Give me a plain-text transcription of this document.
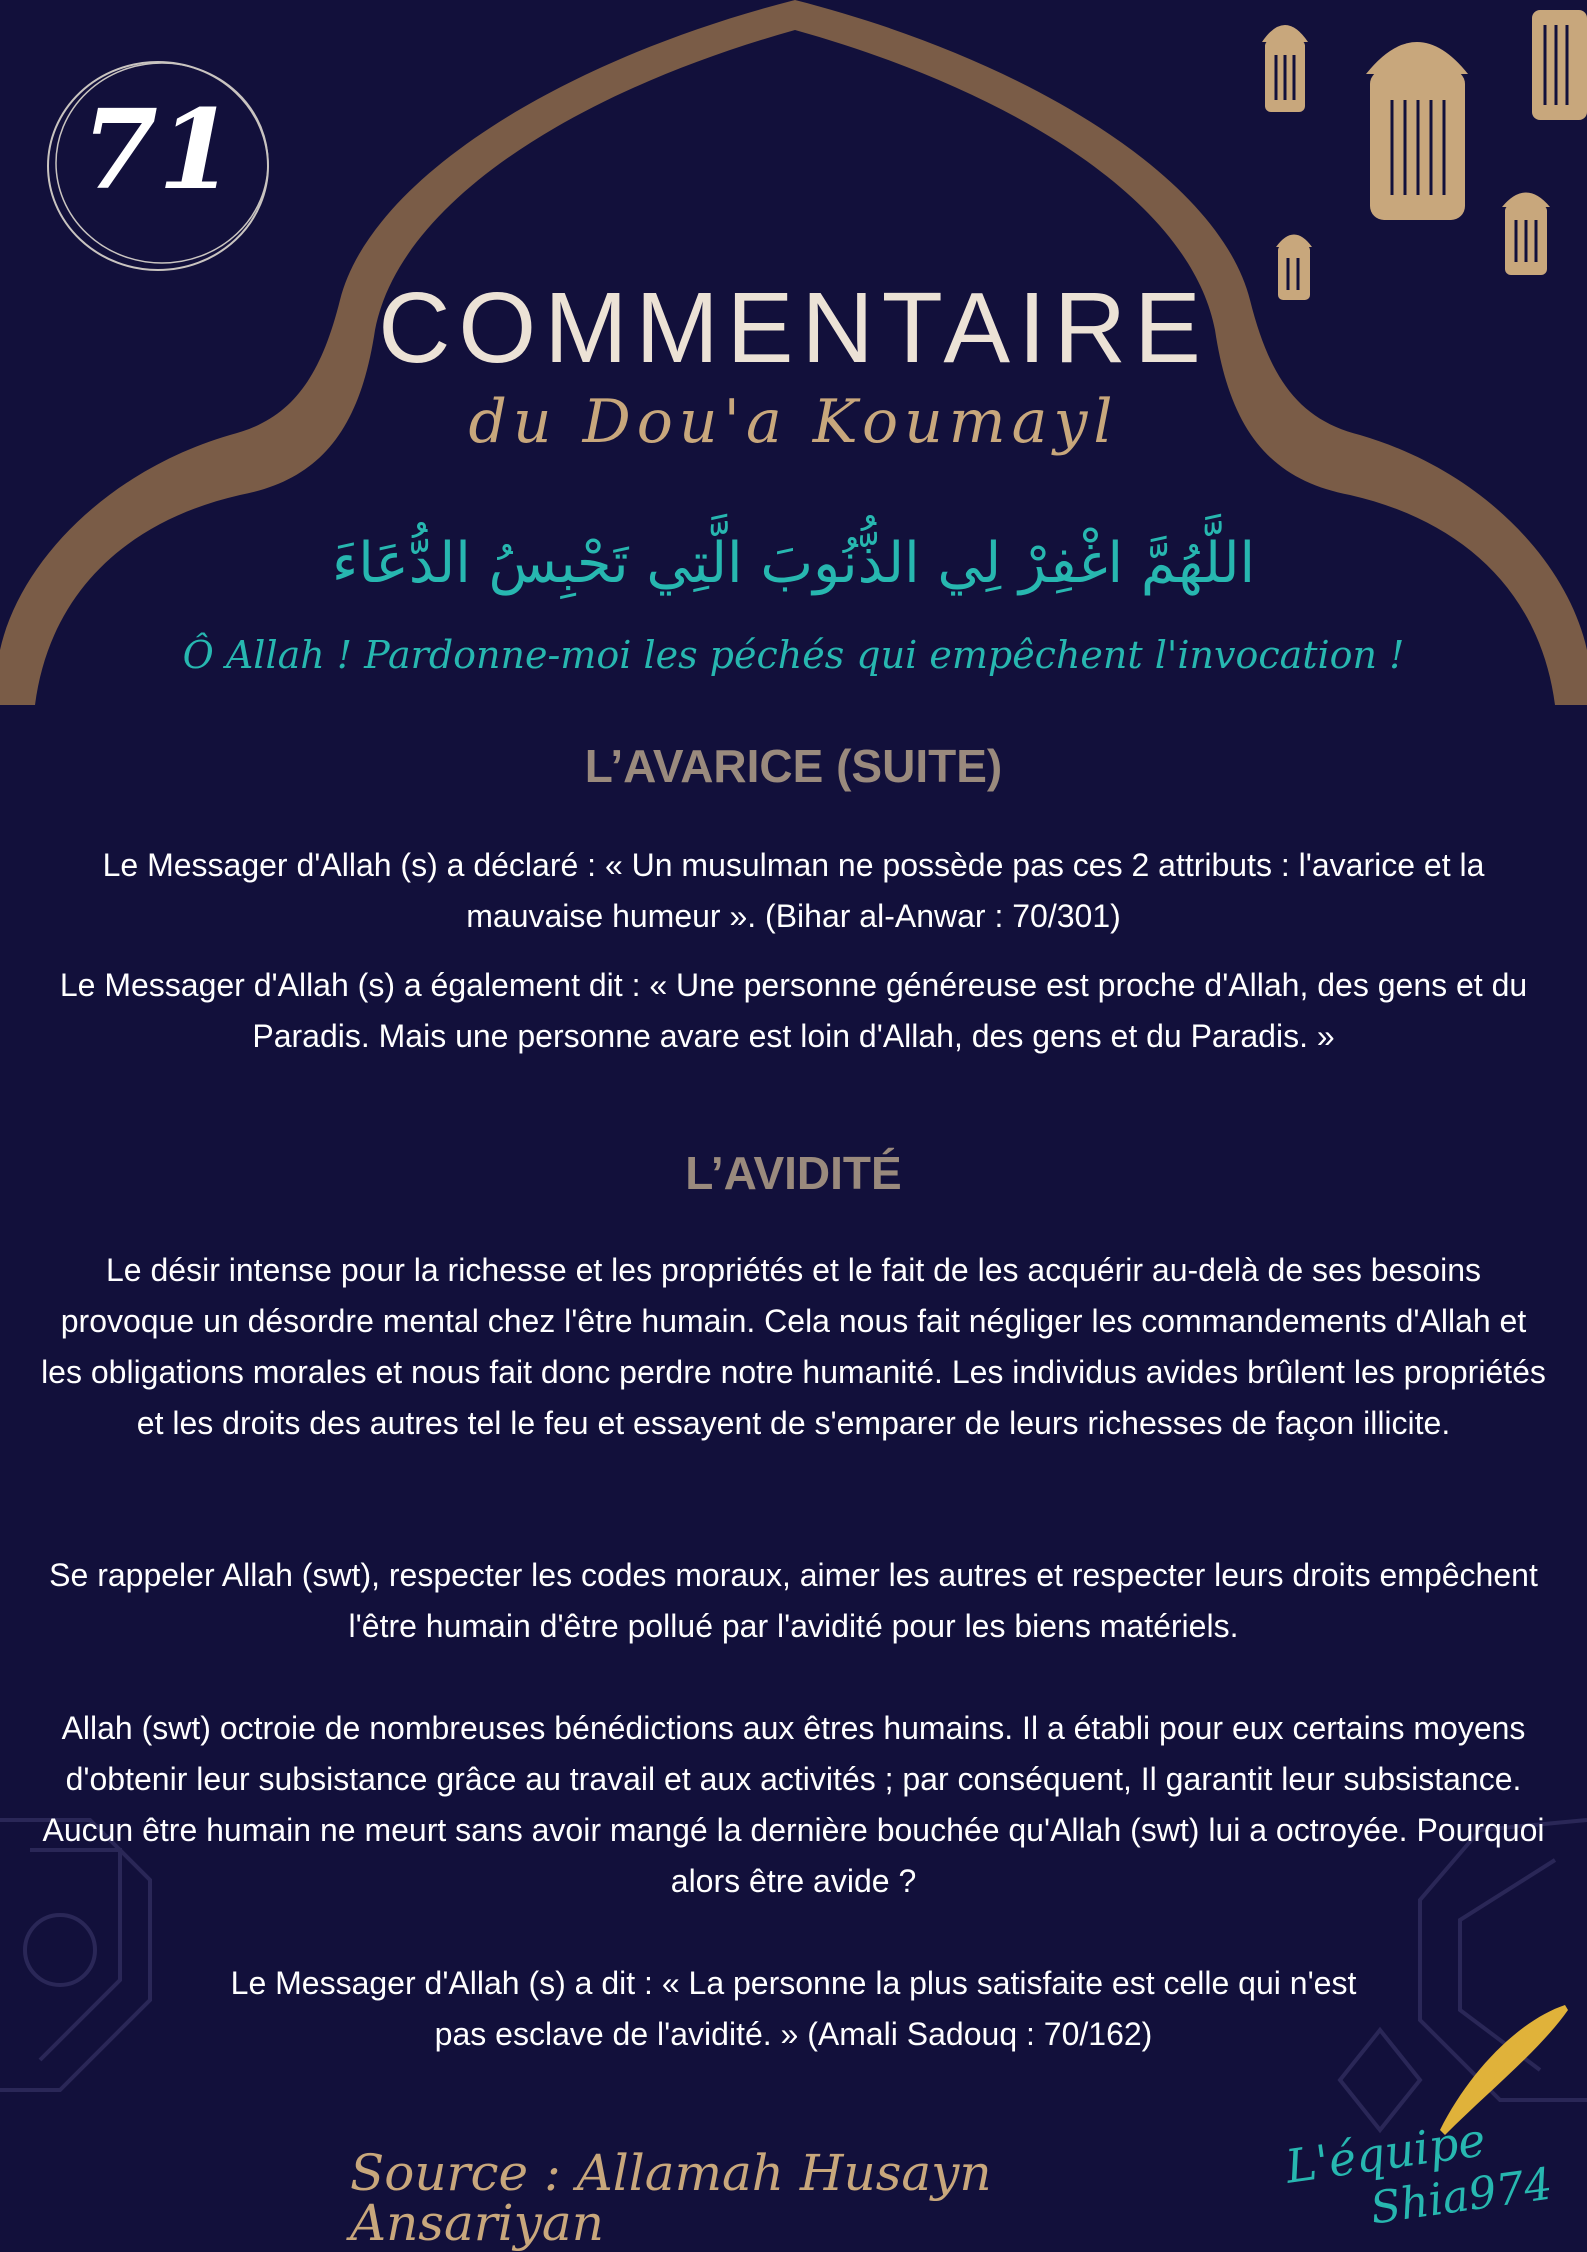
71
COMMENTAIRE
du Dou'a Koumayl
اللَّهُمَّ اغْفِرْ لِي الذُّنُوبَ الَّتِي تَحْبِسُ الدُّعَاءَ
Ô Allah ! Pardonne-moi les péchés qui empêchent l'invocation !
L’AVARICE (SUITE)

Le Messager d'Allah (s) a déclaré : « Un musulman ne possède pas ces 2 attributs : l'avarice et la mauvaise humeur ». (Bihar al-Anwar : 70/301)

Le Messager d'Allah (s) a également dit : « Une personne généreuse est proche d'Allah, des gens et du Paradis. Mais une personne avare est loin d'Allah, des gens et du Paradis. »

L’AVIDITÉ

Le désir intense pour la richesse et les propriétés et le fait de les acquérir au-delà de ses besoins provoque un désordre mental chez l'être humain. Cela nous fait négliger les commandements d'Allah et les obligations morales et nous fait donc perdre notre humanité. Les individus avides brûlent les propriétés et les droits des autres tel le feu et essayent de s'emparer de leurs richesses de façon illicite.

Se rappeler Allah (swt), respecter les codes moraux, aimer les autres et respecter leurs droits empêchent l'être humain d'être pollué par l'avidité pour les biens matériels.

Allah (swt) octroie de nombreuses bénédictions aux êtres humains. Il a établi pour eux certains moyens d'obtenir leur subsistance grâce au travail et aux activités ; par conséquent, Il garantit leur subsistance. Aucun être humain ne meurt sans avoir mangé la dernière bouchée qu'Allah (swt) lui a octroyée. Pourquoi alors être avide ?

Le Messager d'Allah (s) a dit : « La personne la plus satisfaite est celle qui n'est pas esclave de l'avidité. » (Amali Sadouq : 70/162)

Source : Allamah Husayn Ansariyan
Traduit par
L'équipe
Shia974
